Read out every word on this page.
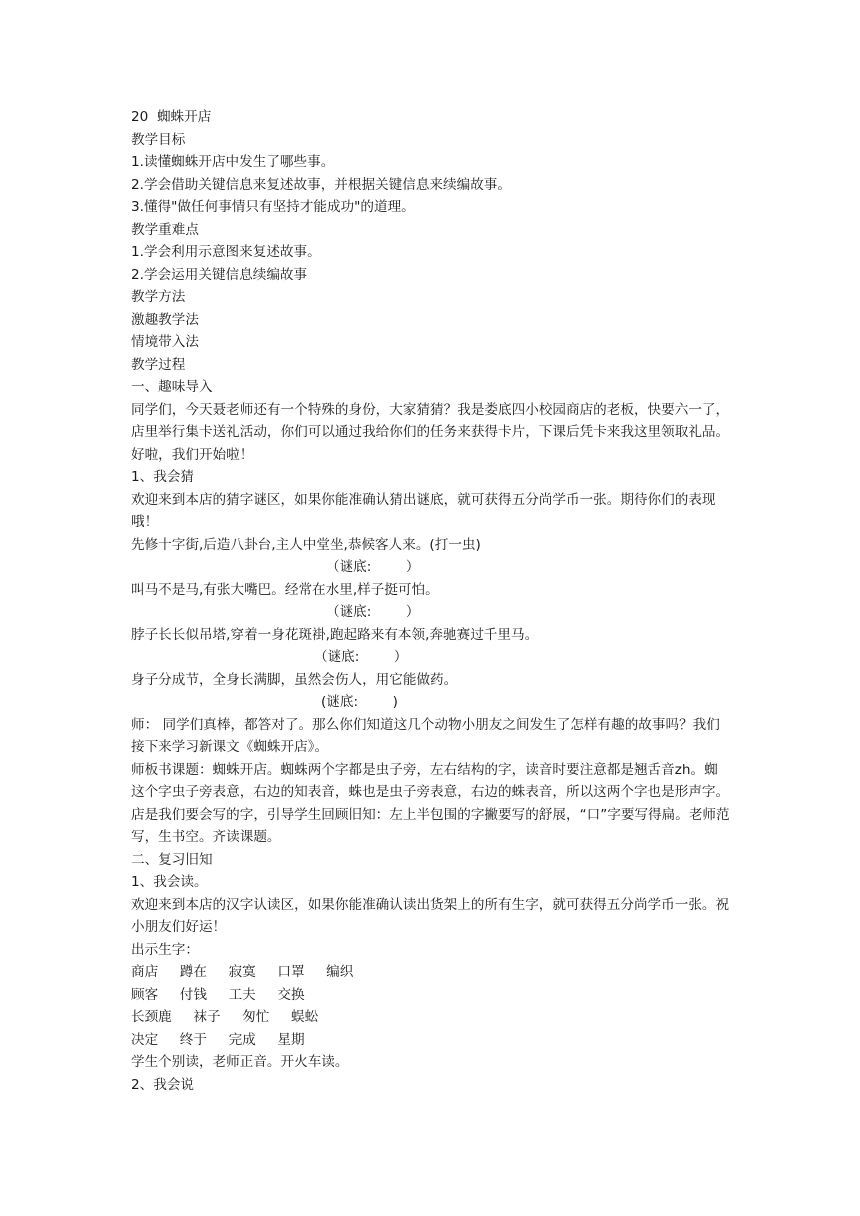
20  蜘蛛开店

教学目标

1.读懂蜘蛛开店中发生了哪些事。

2.学会借助关键信息来复述故事，并根据关键信息来续编故事。

3.懂得"做任何事情只有坚持才能成功"的道理。

教学重难点

1.学会利用示意图来复述故事。

2.学会运用关键信息续编故事

教学方法

激趣教学法

情境带入法

教学过程

一、趣味导入

同学们，今天聂老师还有一个特殊的身份，大家猜猜？我是娄底四小校园商店的老板，快要六一了，店里举行集卡送礼活动，你们可以通过我给你们的任务来获得卡片，下课后凭卡来我这里领取礼品。好啦，我们开始啦！

1、我会猜

欢迎来到本店的猜字谜区，如果你能准确认猜出谜底，就可获得五分尚学币一张。期待你们的表现哦！

先修十字街,后造八卦台,主人中堂坐,恭候客人来。(打一虫)

（谜底:        ）

叫马不是马,有张大嘴巴。经常在水里,样子挺可怕。

（谜底:        ）

脖子长长似吊塔,穿着一身花斑褂,跑起路来有本领,奔驰赛过千里马。

（谜底:        ）

身子分成节，全身长满脚，虽然会伤人，用它能做药。

(谜底:        )

师： 同学们真棒，都答对了。那么你们知道这几个动物小朋友之间发生了怎样有趣的故事吗？我们接下来学习新课文《蜘蛛开店》。

师板书课题：蜘蛛开店。蜘蛛两个字都是虫子旁，左右结构的字，读音时要注意都是翘舌音zh。蜘这个字虫子旁表意，右边的知表音，蛛也是虫子旁表意，右边的蛛表音，所以这两个字也是形声字。店是我们要会写的字，引导学生回顾旧知：左上半包围的字撇要写的舒展，“口”字要写得扁。老师范写，生书空。齐读课题。

二、复习旧知

1、我会读。

欢迎来到本店的汉字认读区，如果你能准确认读出货架上的所有生字，就可获得五分尚学币一张。祝小朋友们好运！

出示生字：

商店     蹲在     寂寞     口罩     编织

顾客     付钱     工夫     交换

长颈鹿     袜子     匆忙     蜈蚣

决定     终于     完成     星期

学生个别读，老师正音。开火车读。

2、我会说
